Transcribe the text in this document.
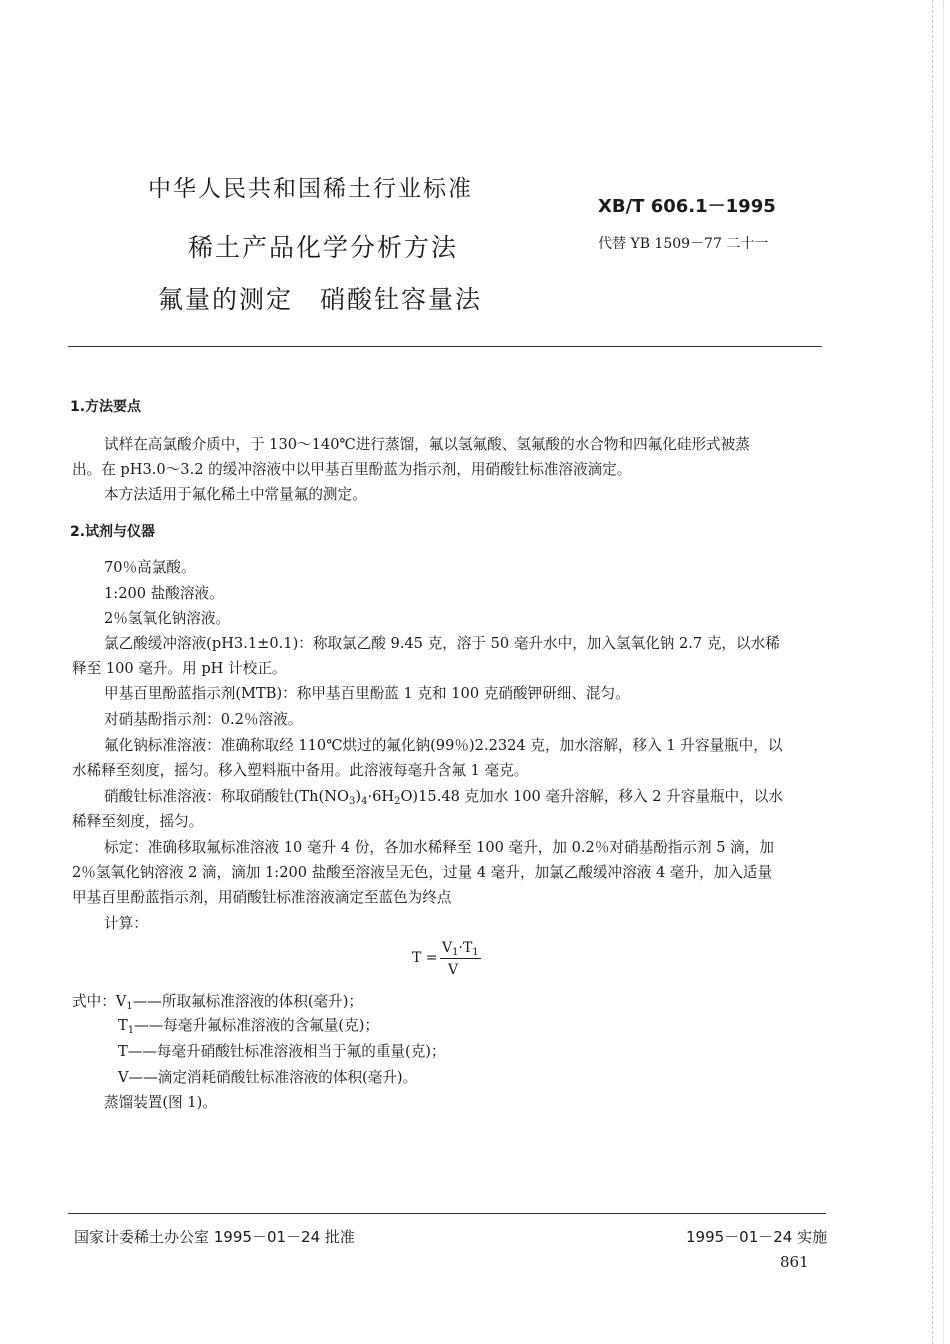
中华人民共和国稀土行业标准
XB/T 606.1－1995
代替 YB 1509－77 二十一
稀土产品化学分析方法
氟量的测定　硝酸钍容量法
1.方法要点
试样在高氯酸介质中，于 130～140℃进行蒸馏，氟以氢氟酸、氢氟酸的水合物和四氟化硅形式被蒸
出。在 pH3.0～3.2 的缓冲溶液中以甲基百里酚蓝为指示剂，用硝酸钍标准溶液滴定。
本方法适用于氟化稀土中常量氟的测定。
2.试剂与仪器
70％高氯酸。
1:200 盐酸溶液。
2％氢氧化钠溶液。
氯乙酸缓冲溶液(pH3.1±0.1)：称取氯乙酸 9.45 克，溶于 50 毫升水中，加入氢氧化钠 2.7 克，以水稀
释至 100 毫升。用 pH 计校正。
甲基百里酚蓝指示剂(MTB)：称甲基百里酚蓝 1 克和 100 克硝酸钾研细、混匀。
对硝基酚指示剂：0.2％溶液。
氟化钠标准溶液：准确称取经 110℃烘过的氟化钠(99％)2.2324 克，加水溶解，移入 1 升容量瓶中，以
水稀释至刻度，摇匀。移入塑料瓶中备用。此溶液每毫升含氟 1 毫克。
硝酸钍标准溶液：称取硝酸钍$(Th(NO_3)_4\cdot 6H_2O)15.48$ 克加水 100 毫升溶解，移入 2 升容量瓶中，以水
稀释至刻度，摇匀。
标定：准确移取氟标准溶液 10 毫升 4 份，各加水稀释至 100 毫升，加 0.2％对硝基酚指示剂 5 滴，加
2％氢氧化钠溶液 2 滴，滴加 1:200 盐酸至溶液呈无色，过量 4 毫升，加氯乙酸缓冲溶液 4 毫升，加入适量
甲基百里酚蓝指示剂，用硝酸钍标准溶液滴定至蓝色为终点
计算：
T =
$V_1\cdot T_1$
V
式中：$V_1——$所取氟标准溶液的体积(毫升)；
$T_1——$每毫升氟标准溶液的含氟量(克)；
T——每毫升硝酸钍标准溶液相当于氟的重量(克)；
V——滴定消耗硝酸钍标准溶液的体积(毫升)。
蒸馏装置(图 1)。
国家计委稀土办公室 1995－01－24 批准	1995－01－24 实施
861
